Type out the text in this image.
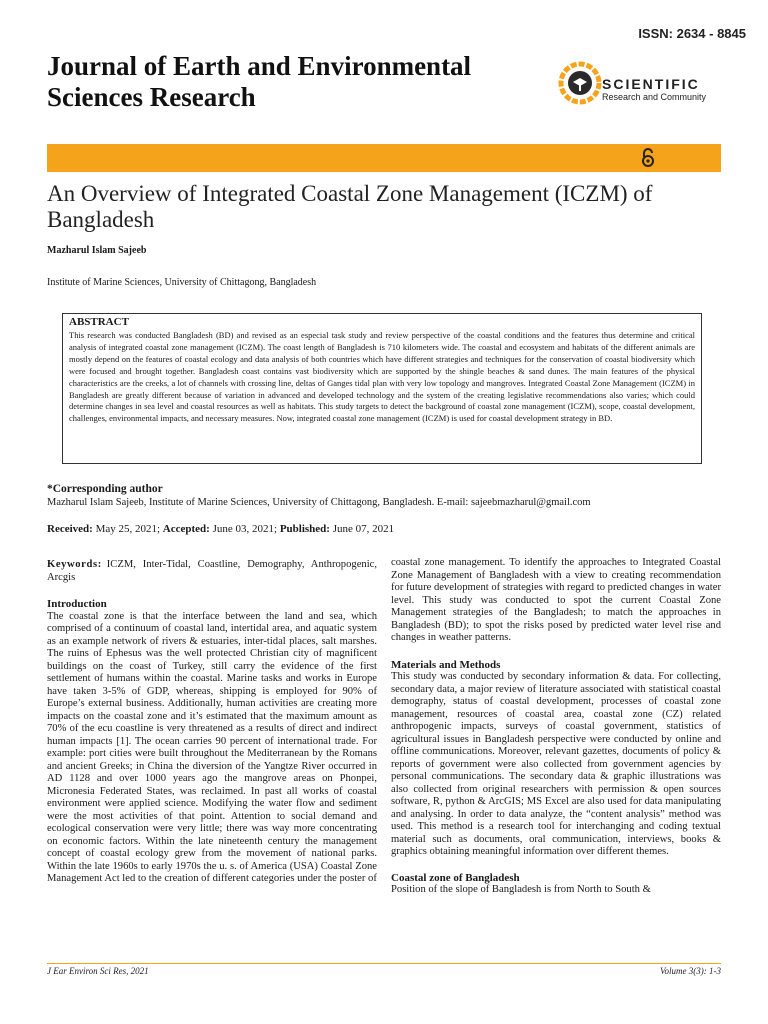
ISSN: 2634 - 8845
Journal of Earth and Environmental
Sciences Research	SCIENTIFIC
Research and Community
An Overview of Integrated Coastal Zone Management (ICZM) of Bangladesh
Mazharul Islam Sajeeb
Institute of Marine Sciences, University of Chittagong, Bangladesh
ABSTRACT
This research was conducted Bangladesh (BD) and revised as an especial task study and review perspective of the coastal conditions and the features thus determine and critical analysis of integrated coastal zone management (ICZM). The coast length of Bangladesh is 710 kilometers wide. The coastal and ecosystem and habitats of the different animals are mostly depend on the features of coastal ecology and data analysis of both countries which have different strategies and techniques for the conservation of coastal biodiversity which were focused and brought together. Bangladesh coast contains vast biodiversity which are supported by the shingle beaches & sand dunes. The main features of the physical characteristics are the creeks, a lot of channels with crossing line, deltas of Ganges tidal plan with very low topology and mangroves. Integrated Coastal Zone Management (ICZM) in Bangladesh are greatly different because of variation in advanced and developed technology and the system of the creating legislative recommendations also varies; which could determine changes in sea level and coastal resources as well as habitats. This study targets to detect the background of coastal zone management (ICZM), scope, coastal development, challenges, environmental impacts, and necessary measures. Now, integrated coastal zone management (ICZM) is used for coastal development strategy in BD.
*Corresponding author
Mazharul Islam Sajeeb, Institute of Marine Sciences, University of Chittagong, Bangladesh. E-mail: sajeebmazharul@gmail.com
Received: May 25, 2021; Accepted: June 03, 2021; Published: June 07, 2021
Keywords: ICZM, Inter-Tidal, Coastline, Demography, Anthropogenic, Arcgis
Introduction
The coastal zone is that the interface between the land and sea, which comprised of a continuum of coastal land, intertidal area, and aquatic system as an example network of rivers & estuaries, inter-tidal places, salt marshes. The ruins of Ephesus was the well protected Christian city of magnificent buildings on the coast of Turkey, still carry the evidence of the first settlement of humans within the coastal. Marine tasks and works in Europe have taken 3-5% of GDP, whereas, shipping is employed for 90% of Europe’s external business. Additionally, human activities are creating more impacts on the coastal zone and it’s estimated that the maximum amount as 70% of the ecu coastline is very threatened as a results of direct and indirect human impacts [1]. The ocean carries 90 percent of international trade. For example: port cities were built throughout the Mediterranean by the Romans and ancient Greeks; in China the diversion of the Yangtze River occurred in AD 1128 and over 1000 years ago the mangrove areas on Phonpei, Micronesia Federated States, was reclaimed. In past all works of coastal environment were applied science. Modifying the water flow and sediment were the most activities of that point. Attention to social demand and ecological conservation were very little; there was way more concentrating on economic factors. Within the late nineteenth century the management concept of coastal ecology grew from the movement of national parks. Within the late 1960s to early 1970s the u. s. of America (USA) Coastal Zone Management Act led to the creation of different categories under the poster of
coastal zone management. To identify the approaches to Integrated Coastal Zone Management of Bangladesh with a view to creating recommendation for future development of strategies with regard to predicted changes in water level. This study was conducted to spot the current Coastal Zone Management strategies of the Bangladesh; to match the approaches in Bangladesh (BD); to spot the risks posed by predicted water level rise and changes in weather patterns.
Materials and Methods
This study was conducted by secondary information & data. For collecting, secondary data, a major review of literature associated with statistical coastal demography, status of coastal development, processes of coastal zone management, resources of coastal area, coastal zone (CZ) related anthropogenic impacts, surveys of coastal government, statistics of agricultural issues in Bangladesh perspective were conducted by online and offline communications. Moreover, relevant gazettes, documents of policy & reports of government were also collected from government agencies by personal communications. The secondary data & graphic illustrations was also collected from original researchers with permission & open sources software, R, python & ArcGIS; MS Excel are also used for data manipulating and analysing. In order to data analyze, the “content analysis” method was used. This method is a research tool for interchanging and coding textual material such as documents, oral communication, interviews, books & graphics obtaining meaningful information over different themes.
Coastal zone of Bangladesh
Position of the slope of Bangladesh is from North to South &
J Ear Environ Sci Res, 2021	Volume 3(3): 1-3
